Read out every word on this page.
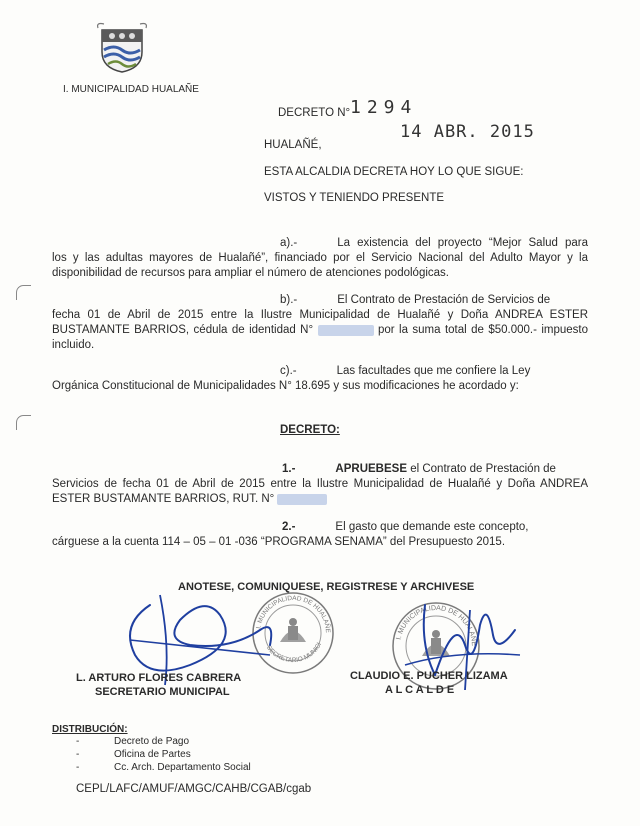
I. MUNICIPALIDAD HUALAÑE
DECRETO N° 1294
HUALAÑÉ,
14 ABR. 2015
ESTA ALCALDIA DECRETA HOY LO QUE SIGUE:
VISTOS Y TENIENDO PRESENTE
a).-	La existencia del proyecto “Mejor Salud para
los y las adultas mayores de Hualañé”, financiado por el Servicio Nacional del Adulto Mayor y la disponibilidad de recursos para ampliar el número de atenciones podológicas.
b).-	El Contrato de Prestación de Servicios de
fecha 01 de Abril de 2015 entre la Ilustre Municipalidad de Hualañé y Doña ANDREA ESTER BUSTAMANTE BARRIOS, cédula de identidad N°	por la suma total de $50.000.- impuesto incluido.
c).-	Las facultades que me confiere la Ley
Orgánica Constitucional de Municipalidades N° 18.695 y sus modificaciones he acordado y:
DECRETO:
1.-	APRUEBESE el Contrato de Prestación de
Servicios de fecha 01 de Abril de 2015 entre la Ilustre Municipalidad de Hualañé y Doña ANDREA ESTER BUSTAMANTE BARRIOS, RUT. N°
2.-	El gasto que demande este concepto,
cárguese a la cuenta 114 – 05 – 01 -036 “PROGRAMA SENAMA” del Presupuesto 2015.
ANOTESE, COMUNIQUESE, REGISTRESE Y ARCHIVESE
I. MUNICIPALIDAD DE HUALAÑE
SECRETARIO MUNICI
I. MUNICIPALIDAD DE HUALAÑE
L. ARTURO FLORES CABRERA
SECRETARIO MUNICIPAL
CLAUDIO E. PUCHER LIZAMA
A L C A L D E
DISTRIBUCIÓN:
-	Decreto de Pago
-	Oficina de Partes
-	Cc. Arch. Departamento Social
CEPL/LAFC/AMUF/AMGC/CAHB/CGAB/cgab
